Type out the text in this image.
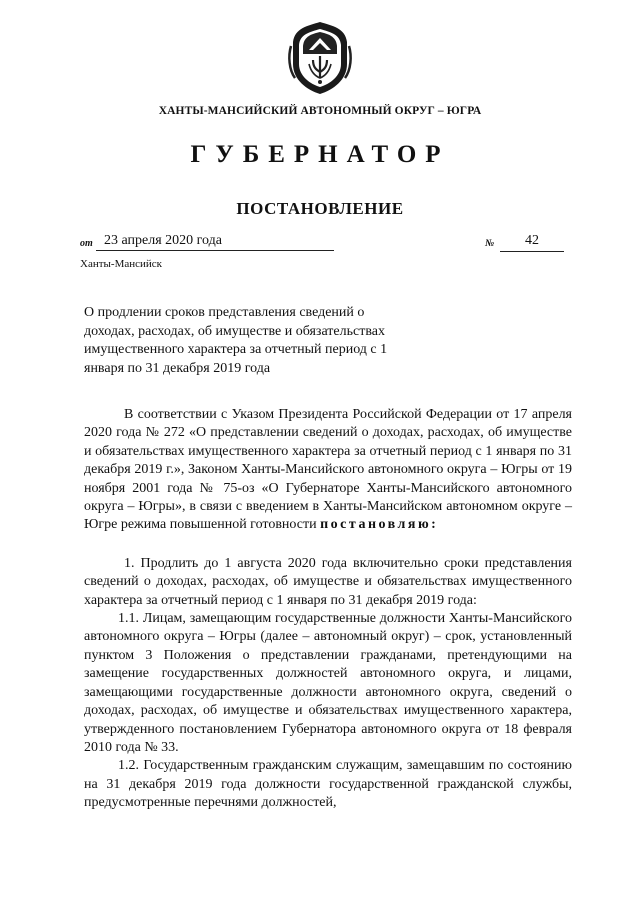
ХАНТЫ-МАНСИЙСКИЙ АВТОНОМНЫЙ ОКРУГ – ЮГРА
ГУБЕРНАТОР
ПОСТАНОВЛЕНИЕ
от 23 апреля 2020 года	№	42
Ханты-Мансийск
О продлении сроков представления сведений о доходах, расходах, об имуществе и обязательствах имущественного характера за отчетный период с 1 января по 31 декабря 2019 года

В соответствии с Указом Президента Российской Федерации от 17 апреля 2020 года № 272 «О представлении сведений о доходах, расходах, об имуществе и обязательствах имущественного характера за отчетный период с 1 января по 31 декабря 2019 г.», Законом Ханты-Мансийского автономного округа – Югры от 19 ноября 2001 года № 75-оз «О Губернаторе Ханты-Мансийского автономного округа – Югры», в связи с введением в Ханты-Мансийском автономном округе – Югре режима повышенной готовности постановляю:

1. Продлить до 1 августа 2020 года включительно сроки представления сведений о доходах, расходах, об имуществе и обязательствах имущественного характера за отчетный период с 1 января по 31 декабря 2019 года:

1.1. Лицам, замещающим государственные должности Ханты-Мансийского автономного округа – Югры (далее – автономный округ) – срок, установленный пунктом 3 Положения о представлении гражданами, претендующими на замещение государственных должностей автономного округа, и лицами, замещающими государственные должности автономного округа, сведений о доходах, расходах, об имуществе и обязательствах имущественного характера, утвержденного постановлением Губернатора автономного округа от 18 февраля 2010 года № 33.

1.2. Государственным гражданским служащим, замещавшим по состоянию на 31 декабря 2019 года должности государственной гражданской службы, предусмотренные перечнями должностей,
